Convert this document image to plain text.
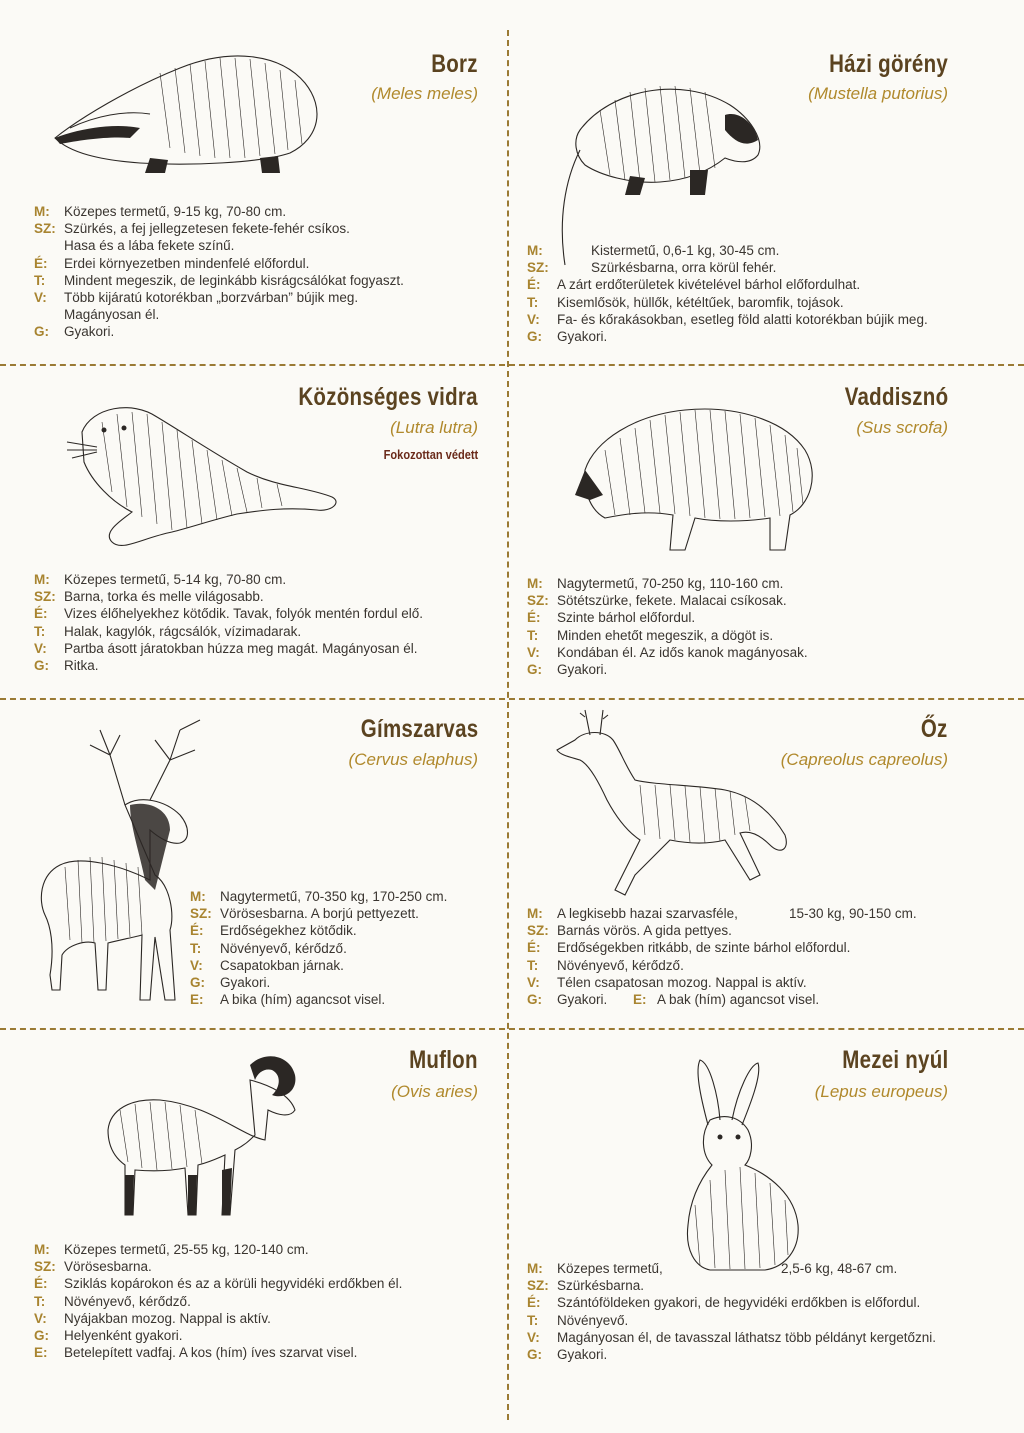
Borz
(Meles meles)
M:	Közepes termetű, 9-15 kg, 70-80 cm.
SZ: Szürkés, a fej jellegzetesen fekete-fehér csíkos.
Hasa és a lába fekete színű.
É:	Erdei környezetben mindenfelé előfordul.
T:	Mindent megeszik, de leginkább kisrágcsálókat fogyaszt.
V:	Több kijáratú kotorékban „borzvárban” bújik meg.
Magányosan él.
G:	Gyakori.
Házi görény
(Mustella putorius)
M:	Kistermetű, 0,6-1 kg, 30-45 cm.
SZ:	Szürkésbarna, orra körül fehér.
É:	A zárt erdőterületek kivételével bárhol előfordulhat.
T:	Kisemlősök, hüllők, kétéltűek, baromfik, tojások.
V:	Fa- és kőrakásokban, esetleg föld alatti kotorékban bújik meg.
G:	Gyakori.
Közönséges vidra
(Lutra lutra)
Fokozottan védett
M:	Közepes termetű, 5-14 kg, 70-80 cm.
SZ: Barna, torka és melle világosabb.
É:	Vizes élőhelyekhez kötődik. Tavak, folyók mentén fordul elő.
T:	Halak, kagylók, rágcsálók, vízimadarak.
V:	Partba ásott járatokban húzza meg magát. Magányosan él.
G:	Ritka.
Vaddisznó
(Sus scrofa)
M:	Nagytermetű, 70-250 kg, 110-160 cm.
SZ: Sötétszürke, fekete. Malacai csíkosak.
É:	Szinte bárhol előfordul.
T:	Minden ehetőt megeszik, a dögöt is.
V:	Kondában él. Az idős kanok magányosak.
G:	Gyakori.
Gímszarvas
(Cervus elaphus)
M:	Nagytermetű, 70-350 kg, 170-250 cm.
SZ: Vörösesbarna. A borjú pettyezett.
É:	Erdőségekhez kötődik.
T:	Növényevő, kérődző.
V:	Csapatokban járnak.
G:	Gyakori.
E:	A bika (hím) agancsot visel.
Őz
(Capreolus capreolus)
M:	A legkisebb hazai szarvasféle,	15-30 kg, 90-150 cm.
SZ: Barnás vörös. A gida pettyes.
É:	Erdőségekben ritkább, de szinte bárhol előfordul.
T:	Növényevő, kérődző.
V:	Télen csapatosan mozog. Nappal is aktív.
G:	Gyakori.	E: A bak (hím) agancsot visel.
Muflon
(Ovis aries)
M:	Közepes termetű, 25-55 kg, 120-140 cm.
SZ: Vörösesbarna.
É:	Sziklás kopárokon és az a körüli hegyvidéki erdőkben él.
T:	Növényevő, kérődző.
V:	Nyájakban mozog. Nappal is aktív.
G:	Helyenként gyakori.
E:	Betelepített vadfaj. A kos (hím) íves szarvat visel.
Mezei nyúl
(Lepus europeus)
M:	Közepes termetű,	2,5-6 kg, 48-67 cm.
SZ: Szürkésbarna.
É:	Szántóföldeken gyakori, de hegyvidéki erdőkben is előfordul.
T:	Növényevő.
V:	Magányosan él, de tavasszal láthatsz több példányt kergetőzni.
G:	Gyakori.
